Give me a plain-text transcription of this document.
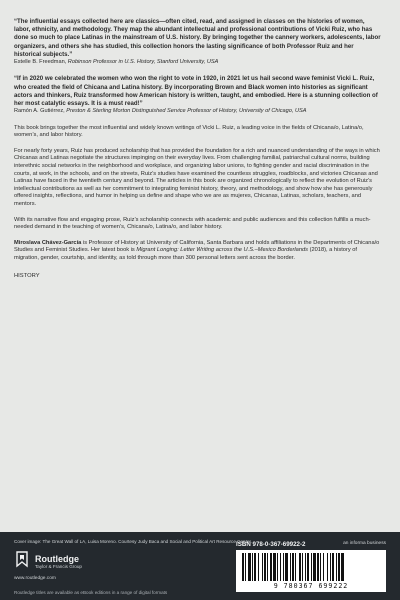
“The influential essays collected here are classics—often cited, read, and assigned in classes on the histories of women, labor, ethnicity, and methodology. They map the abundant intellectual and professional contributions of Vicki Ruiz, who has done so much to place Latinas in the mainstream of U.S. history. By bringing together the cannery workers, adolescents, labor organizers, and others she has studied, this collection honors the lasting significance of both Professor Ruiz and her historical subjects.”

Estelle B. Freedman, Robinson Professor in U.S. History, Stanford University, USA

“If in 2020 we celebrated the women who won the right to vote in 1920, in 2021 let us hail second wave feminist Vicki L. Ruiz, who created the field of Chicana and Latina history. By incorporating Brown and Black women into histories as significant actors and thinkers, Ruiz transformed how American history is written, taught, and embodied. Here is a stunning collection of her most catalytic essays. It is a must read!”

Ramón A. Gutiérrez, Preston & Sterling Morton Distinguished Service Professor of History, University of Chicago, USA

This book brings together the most influential and widely known writings of Vicki L. Ruiz, a leading voice in the fields of Chicana/o, Latina/o, women’s, and labor history.

For nearly forty years, Ruiz has produced scholarship that has provided the foundation for a rich and nuanced understanding of the ways in which Chicanas and Latinas negotiate the structures impinging on their everyday lives. From challenging familial, patriarchal cultural norms, building interethnic social networks in the neighborhood and workplace, and organizing labor unions, to fighting gender and racial discrimination in the courts, at work, in the schools, and on the streets, Ruiz’s studies have examined the countless struggles, roadblocks, and victories Chicanas and Latinas have faced in the twentieth century and beyond. The articles in this book are organized chronologically to reflect the evolution of Ruiz’s intellectual contributions as well as her commitment to integrating feminist history, theory, and methodology, and show how she has generously offered insights, reflections, and humor in helping us define and shape who we are as mujeres, Chicanas, Latinas, scholars, teachers, and mentors.

With its narrative flow and engaging prose, Ruiz’s scholarship connects with academic and public audiences and this collection fulfills a much-needed demand in the teaching of women’s, Chicana/o, Latina/o, and labor history.

Miroslava Chávez-García is Professor of History at University of California, Santa Barbara and holds affiliations in the Departments of Chicana/o Studies and Feminist Studies. Her latest book is Migrant Longing: Letter Writing across the U.S.–Mexico Borderlands (2018), a history of migration, gender, courtship, and identity, as told through more than 300 personal letters sent across the border.

HISTORY
Cover image: The Great Wall of LA, Luisa Moreno. Courtesy Judy Baca and Social and Political Art Resource Center.
Routledge
Taylor & Francis Group
www.routledge.com
Routledge titles are available as eBook editions in a range of digital formats
ISBN 978-0-367-69922-2	an informa business
9 780367 699222
